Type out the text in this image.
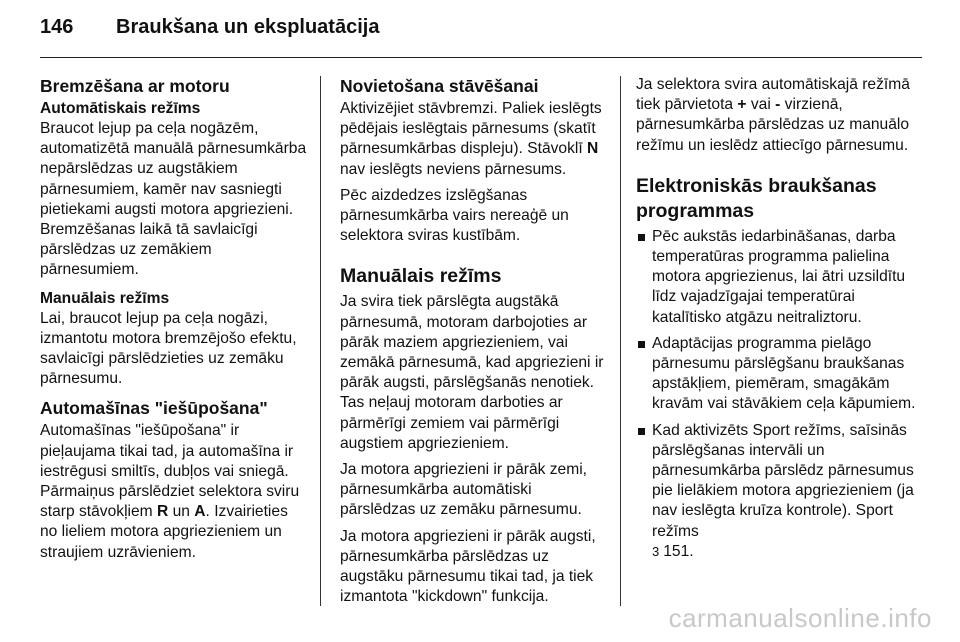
146 Braukšana un ekspluatācija
Bremzēšana ar motoru
Automātiskais režīms

Braucot lejup pa ceļa nogāzēm, automatizētā manuālā pārnesumkārba nepārslēdzas uz augstākiem pārnesumiem, kamēr nav sasniegti pietiekami augsti motora apgriezieni. Bremzēšanas laikā tā savlaicīgi pārslēdzas uz zemākiem pārnesumiem.

Manuālais režīms

Lai, braucot lejup pa ceļa nogāzi, izmantotu motora bremzējošo efektu, savlaicīgi pārslēdzieties uz zemāku pārnesumu.

Automašīnas "iešūpošana"

Automašīnas "iešūpošana" ir pieļaujama tikai tad, ja automašīna ir iestrēgusi smiltīs, dubļos vai sniegā. Pārmaiņus pārslēdziet selektora sviru starp stāvokļiem R un A. Izvairieties no lieliem motora apgriezieniem un straujiem uzrāvieniem.

Novietošana stāvēšanai

Aktivizējiet stāvbremzi. Paliek ieslēgts pēdējais ieslēgtais pārnesums (skatīt pārnesumkārbas displeju). Stāvoklī N nav ieslēgts neviens pārnesums.

Pēc aizdedzes izslēgšanas pārnesumkārba vairs nereaģē un selektora sviras kustībām.

Manuālais režīms

Ja svira tiek pārslēgta augstākā pārnesumā, motoram darbojoties ar pārāk maziem apgriezieniem, vai zemākā pārnesumā, kad apgriezieni ir pārāk augsti, pārslēgšanās nenotiek. Tas neļauj motoram darboties ar pārmērīgi zemiem vai pārmērīgi augstiem apgriezieniem.

Ja motora apgriezieni ir pārāk zemi, pārnesumkārba automātiski pārslēdzas uz zemāku pārnesumu.

Ja motora apgriezieni ir pārāk augsti, pārnesumkārba pārslēdzas uz augstāku pārnesumu tikai tad, ja tiek izmantota "kickdown" funkcija.

Ja selektora svira automātiskajā režīmā tiek pārvietota + vai - virzienā, pārnesumkārba pārslēdzas uz manuālo režīmu un ieslēdz attiecīgo pārnesumu.

Elektroniskās braukšanas programmas
Pēc aukstās iedarbināšanas, darba temperatūras programma palielina motora apgriezienus, lai ātri uzsildītu līdz vajadzīgajai temperatūrai katalītisko atgāzu neitraliztoru.
Adaptācijas programma pielāgo pārnesumu pārslēgšanu braukšanas apstākļiem, piemēram, smagākām kravām vai stāvākiem ceļa kāpumiem.
Kad aktivizēts Sport režīms, saīsinās pārslēgšanas intervāli un pārnesumkārba pārslēdz pārnesumus pie lielākiem motora apgriezieniem (ja nav ieslēgta kruīza kontrole). Sport režīms
3 151.
carmanualsonline.info
